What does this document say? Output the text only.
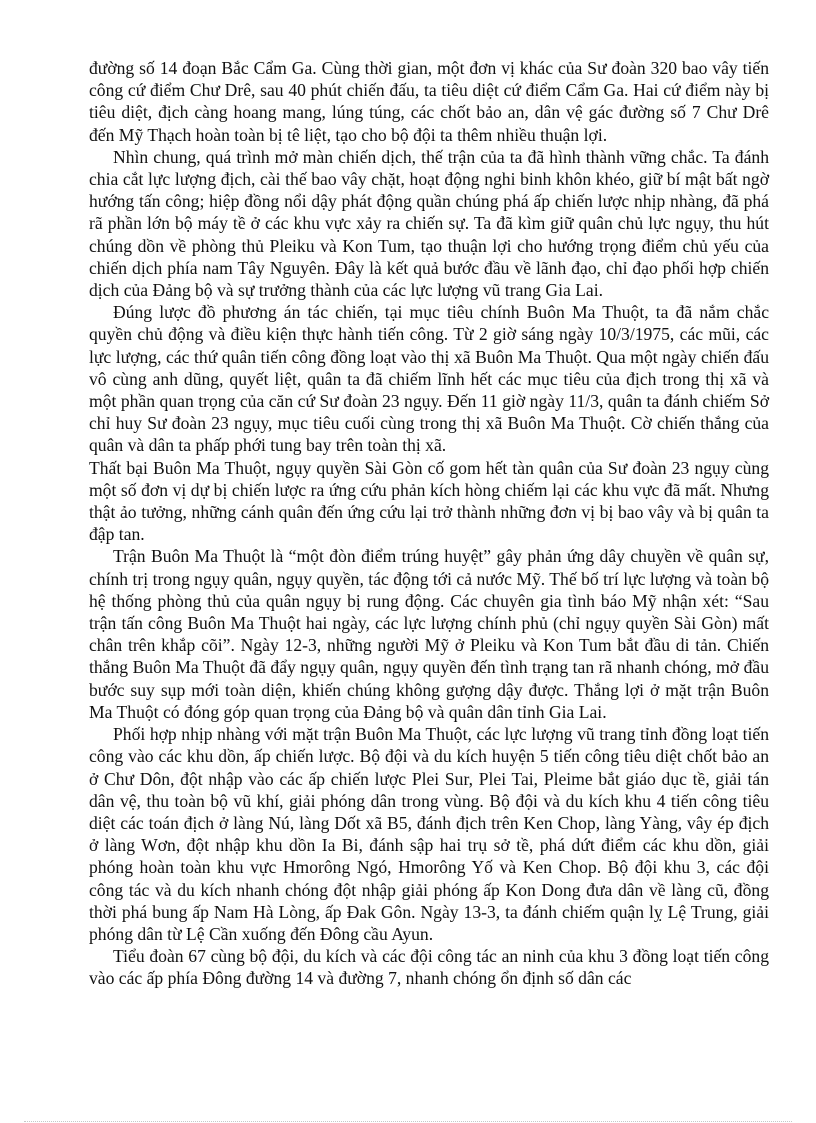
đường số 14 đoạn Bắc Cẩm Ga. Cùng thời gian, một đơn vị khác của Sư đoàn 320 bao vây tiến công cứ điểm Chư Drê, sau 40 phút chiến đấu, ta tiêu diệt cứ điểm Cẩm Ga. Hai cứ điểm này bị tiêu diệt, địch càng hoang mang, lúng túng, các chốt bảo an, dân vệ gác đường số 7 Chư Drê đến Mỹ Thạch hoàn toàn bị tê liệt, tạo cho bộ đội ta thêm nhiều thuận lợi.

Nhìn chung, quá trình mở màn chiến dịch, thế trận của ta đã hình thành vững chắc. Ta đánh chia cắt lực lượng địch, cài thế bao vây chặt, hoạt động nghi binh khôn khéo, giữ bí mật bất ngờ hướng tấn công; hiệp đồng nổi dậy phát động quần chúng phá ấp chiến lược nhịp nhàng, đã phá rã phần lớn bộ máy tề ở các khu vực xảy ra chiến sự. Ta đã kìm giữ quân chủ lực ngụy, thu hút chúng dồn về phòng thủ Pleiku và Kon Tum, tạo thuận lợi cho hướng trọng điểm chủ yếu của chiến dịch phía nam Tây Nguyên. Đây là kết quả bước đầu về lãnh đạo, chỉ đạo phối hợp chiến dịch của Đảng bộ và sự trưởng thành của các lực lượng vũ trang Gia Lai.

Đúng lược đồ phương án tác chiến, tại mục tiêu chính Buôn Ma Thuột, ta đã nắm chắc quyền chủ động và điều kiện thực hành tiến công. Từ 2 giờ sáng ngày 10/3/1975, các mũi, các lực lượng, các thứ quân tiến công đồng loạt vào thị xã Buôn Ma Thuột. Qua một ngày chiến đấu vô cùng anh dũng, quyết liệt, quân ta đã chiếm lĩnh hết các mục tiêu của địch trong thị xã và một phần quan trọng của căn cứ Sư đoàn 23 ngụy. Đến 11 giờ ngày 11/3, quân ta đánh chiếm Sở chỉ huy Sư đoàn 23 ngụy, mục tiêu cuối cùng trong thị xã Buôn Ma Thuột. Cờ chiến thắng của quân và dân ta phấp phới tung bay trên toàn thị xã.

Thất bại Buôn Ma Thuột, ngụy quyền Sài Gòn cố gom hết tàn quân của Sư đoàn 23 ngụy cùng một số đơn vị dự bị chiến lược ra ứng cứu phản kích hòng chiếm lại các khu vực đã mất. Nhưng thật ảo tưởng, những cánh quân đến ứng cứu lại trở thành những đơn vị bị bao vây và bị quân ta đập tan.

Trận Buôn Ma Thuột là “một đòn điểm trúng huyệt” gây phản ứng dây chuyền về quân sự, chính trị trong ngụy quân, ngụy quyền, tác động tới cả nước Mỹ. Thế bố trí lực lượng và toàn bộ hệ thống phòng thủ của quân ngụy bị rung động. Các chuyên gia tình báo Mỹ nhận xét: “Sau trận tấn công Buôn Ma Thuột hai ngày, các lực lượng chính phủ (chỉ ngụy quyền Sài Gòn) mất chân trên khắp cõi”. Ngày 12-3, những người Mỹ ở Pleiku và Kon Tum bắt đầu di tản. Chiến thắng Buôn Ma Thuột đã đẩy ngụy quân, ngụy quyền đến tình trạng tan rã nhanh chóng, mở đầu bước suy sụp mới toàn diện, khiến chúng không gượng dậy được. Thắng lợi ở mặt trận Buôn Ma Thuột có đóng góp quan trọng của Đảng bộ và quân dân tỉnh Gia Lai.

Phối hợp nhịp nhàng với mặt trận Buôn Ma Thuột, các lực lượng vũ trang tỉnh đồng loạt tiến công vào các khu dồn, ấp chiến lược. Bộ đội và du kích huyện 5 tiến công tiêu diệt chốt bảo an ở Chư Dôn, đột nhập vào các ấp chiến lược Plei Sur, Plei Tai, Pleime bắt giáo dục tề, giải tán dân vệ, thu toàn bộ vũ khí, giải phóng dân trong vùng. Bộ đội và du kích khu 4 tiến công tiêu diệt các toán địch ở làng Nú, làng Dốt xã B5, đánh địch trên Ken Chop, làng Yàng, vây ép địch ở làng Wơn, đột nhập khu dồn Ia Bi, đánh sập hai trụ sở tề, phá dứt điểm các khu dồn, giải phóng hoàn toàn khu vực Hmorông Ngó, Hmorông Yố và Ken Chop. Bộ đội khu 3, các đội công tác và du kích nhanh chóng đột nhập giải phóng ấp Kon Dong đưa dân về làng cũ, đồng thời phá bung ấp Nam Hà Lòng, ấp Đak Gôn. Ngày 13-3, ta đánh chiếm quận lỵ Lệ Trung, giải phóng dân từ Lệ Cần xuống đến Đông cầu Ayun.

Tiểu đoàn 67 cùng bộ đội, du kích và các đội công tác an ninh của khu 3 đồng loạt tiến công vào các ấp phía Đông đường 14 và đường 7, nhanh chóng ổn định số dân các
